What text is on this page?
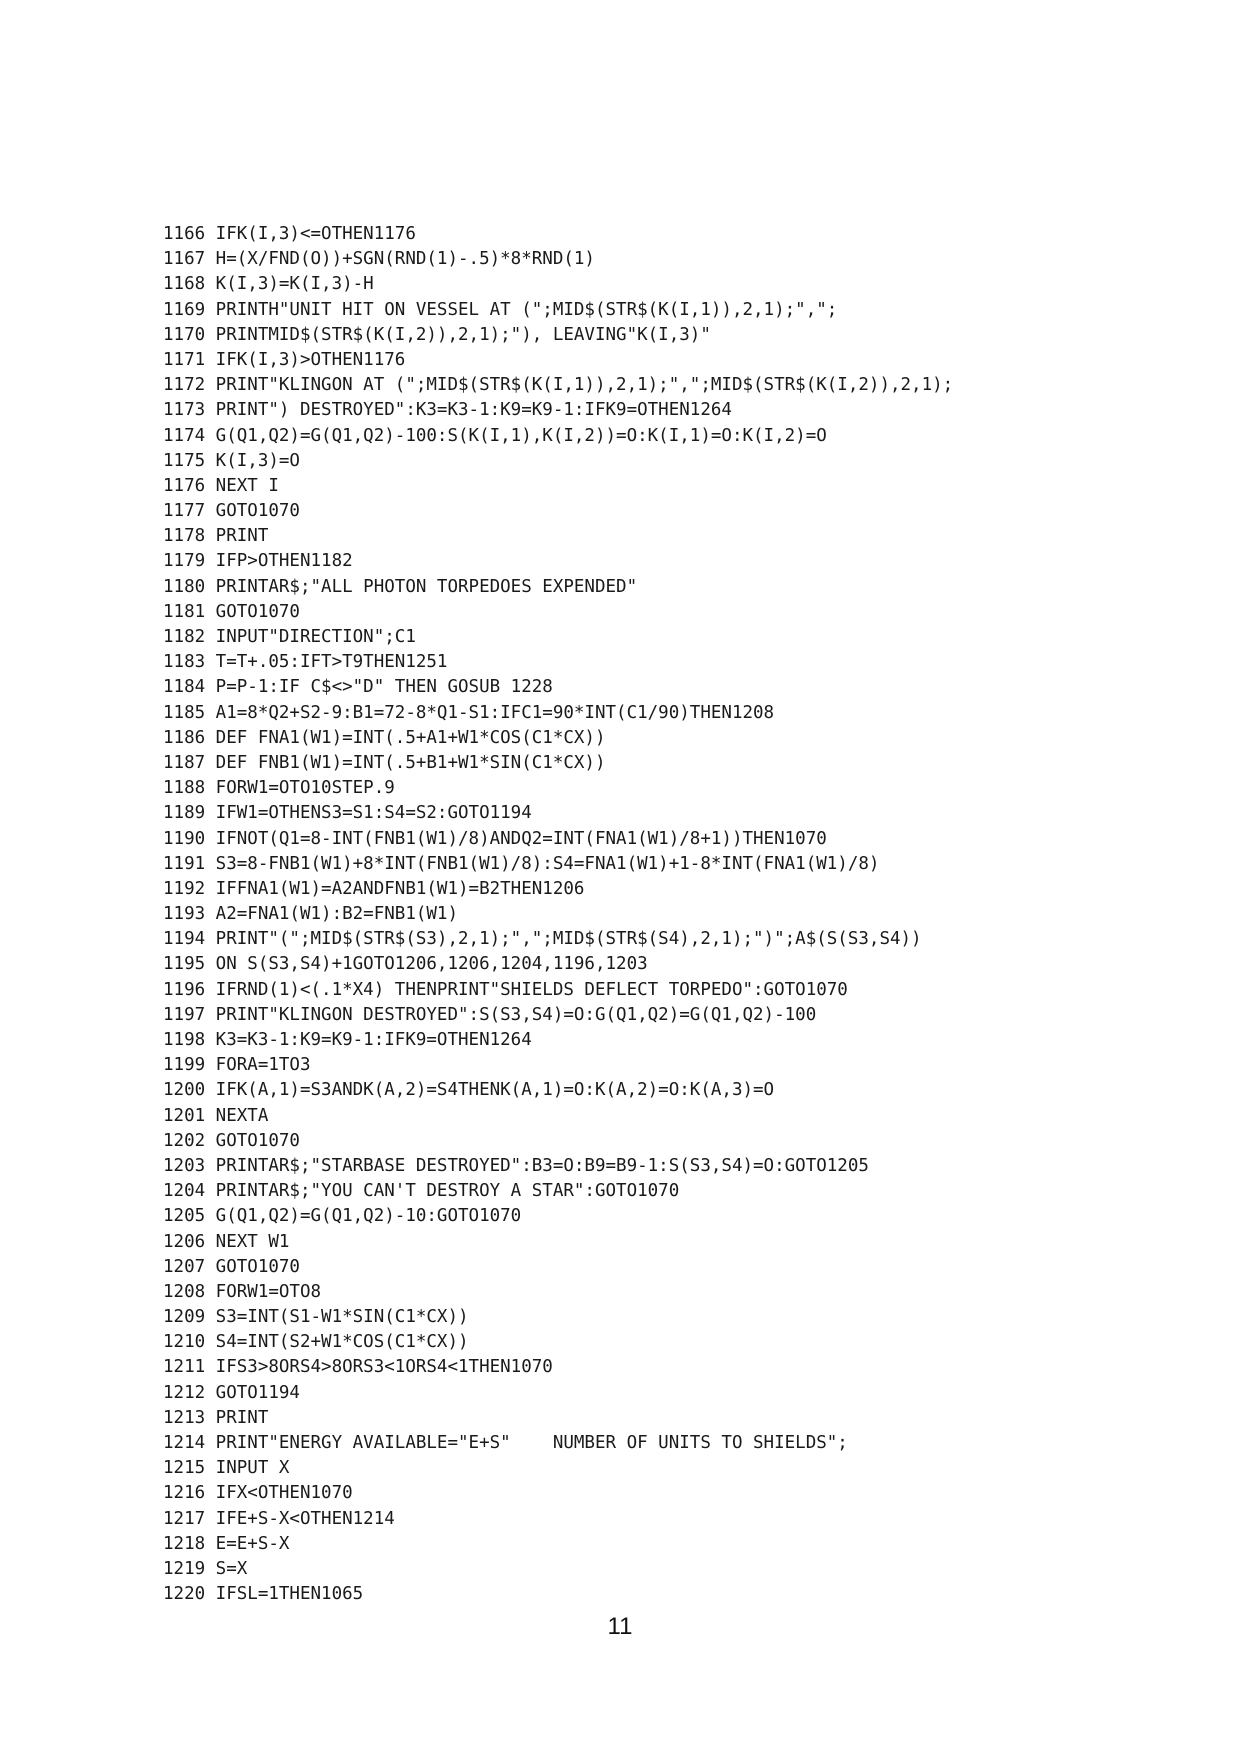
1166 IFK(I,3)<=OTHEN1176
1167 H=(X/FND(O))+SGN(RND(1)-.5)*8*RND(1)
1168 K(I,3)=K(I,3)-H
1169 PRINTH"UNIT HIT ON VESSEL AT (";MID$(STR$(K(I,1)),2,1);",";
1170 PRINTMID$(STR$(K(I,2)),2,1);"), LEAVING"K(I,3)"
1171 IFK(I,3)>OTHEN1176
1172 PRINT"KLINGON AT (";MID$(STR$(K(I,1)),2,1);",";MID$(STR$(K(I,2)),2,1);
1173 PRINT") DESTROYED":K3=K3-1:K9=K9-1:IFK9=OTHEN1264
1174 G(Q1,Q2)=G(Q1,Q2)-100:S(K(I,1),K(I,2))=O:K(I,1)=O:K(I,2)=O
1175 K(I,3)=O
1176 NEXT I
1177 GOTO1070
1178 PRINT
1179 IFP>OTHEN1182
1180 PRINTAR$;"ALL PHOTON TORPEDOES EXPENDED"
1181 GOTO1070
1182 INPUT"DIRECTION";C1
1183 T=T+.05:IFT>T9THEN1251
1184 P=P-1:IF C$<>"D" THEN GOSUB 1228
1185 A1=8*Q2+S2-9:B1=72-8*Q1-S1:IFC1=90*INT(C1/90)THEN1208
1186 DEF FNA1(W1)=INT(.5+A1+W1*COS(C1*CX))
1187 DEF FNB1(W1)=INT(.5+B1+W1*SIN(C1*CX))
1188 FORW1=OTO10STEP.9
1189 IFW1=OTHENS3=S1:S4=S2:GOTO1194
1190 IFNOT(Q1=8-INT(FNB1(W1)/8)ANDQ2=INT(FNA1(W1)/8+1))THEN1070
1191 S3=8-FNB1(W1)+8*INT(FNB1(W1)/8):S4=FNA1(W1)+1-8*INT(FNA1(W1)/8)
1192 IFFNA1(W1)=A2ANDFNB1(W1)=B2THEN1206
1193 A2=FNA1(W1):B2=FNB1(W1)
1194 PRINT"(";MID$(STR$(S3),2,1);",";MID$(STR$(S4),2,1);")";A$(S(S3,S4))
1195 ON S(S3,S4)+1GOTO1206,1206,1204,1196,1203
1196 IFRND(1)<(.1*X4) THENPRINT"SHIELDS DEFLECT TORPEDO":GOTO1070
1197 PRINT"KLINGON DESTROYED":S(S3,S4)=O:G(Q1,Q2)=G(Q1,Q2)-100
1198 K3=K3-1:K9=K9-1:IFK9=OTHEN1264
1199 FORA=1TO3
1200 IFK(A,1)=S3ANDK(A,2)=S4THENK(A,1)=O:K(A,2)=O:K(A,3)=O
1201 NEXTA
1202 GOTO1070
1203 PRINTAR$;"STARBASE DESTROYED":B3=O:B9=B9-1:S(S3,S4)=O:GOTO1205
1204 PRINTAR$;"YOU CAN'T DESTROY A STAR":GOTO1070
1205 G(Q1,Q2)=G(Q1,Q2)-10:GOTO1070
1206 NEXT W1
1207 GOTO1070
1208 FORW1=OTO8
1209 S3=INT(S1-W1*SIN(C1*CX))
1210 S4=INT(S2+W1*COS(C1*CX))
1211 IFS3>8ORS4>8ORS3<1ORS4<1THEN1070
1212 GOTO1194
1213 PRINT
1214 PRINT"ENERGY AVAILABLE="E+S"    NUMBER OF UNITS TO SHIELDS";
1215 INPUT X
1216 IFX<OTHEN1070
1217 IFE+S-X<OTHEN1214
1218 E=E+S-X
1219 S=X
1220 IFSL=1THEN1065
11
